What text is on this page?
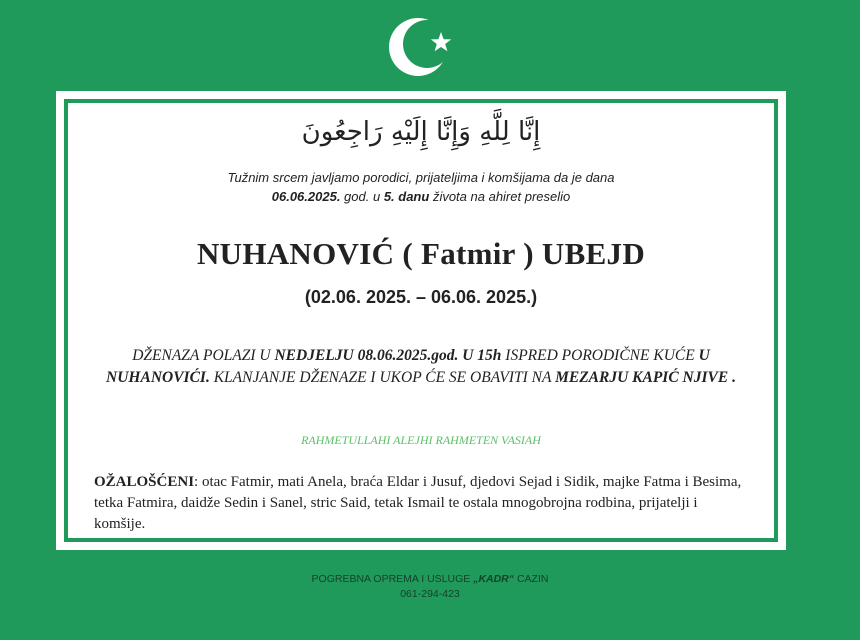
إِنَّا لِلَّهِ وَإِنَّا إِلَيْهِ رَاجِعُونَ
Tužnim srcem javljamo porodici, prijateljima i komšijama da je dana
06.06.2025. god. u 5. danu života na ahiret preselio
NUHANOVIĆ ( Fatmir ) UBEJD
(02.06. 2025. – 06.06. 2025.)
DŽENAZA POLAZI U NEDJELJU 08.06.2025.god. U 15h ISPRED PORODIČNE KUĆE U NUHANOVIĆI. KLANJANJE DŽENAZE I UKOP ĆE SE OBAVITI NA MEZARJU KAPIĆ NJIVE .
RAHMETULLAHI ALEJHI RAHMETEN VASIAH
OŽALOŠĆENI: otac Fatmir, mati Anela, braća Eldar i Jusuf, djedovi Sejad i Sidik, majke Fatma i Besima, tetka Fatmira, daidže Sedin i Sanel, stric Said, tetak Ismail te ostala mnogobrojna rodbina, prijatelji i komšije.
POGREBNA OPREMA I USLUGE „KADR“ CAZIN
061-294-423
